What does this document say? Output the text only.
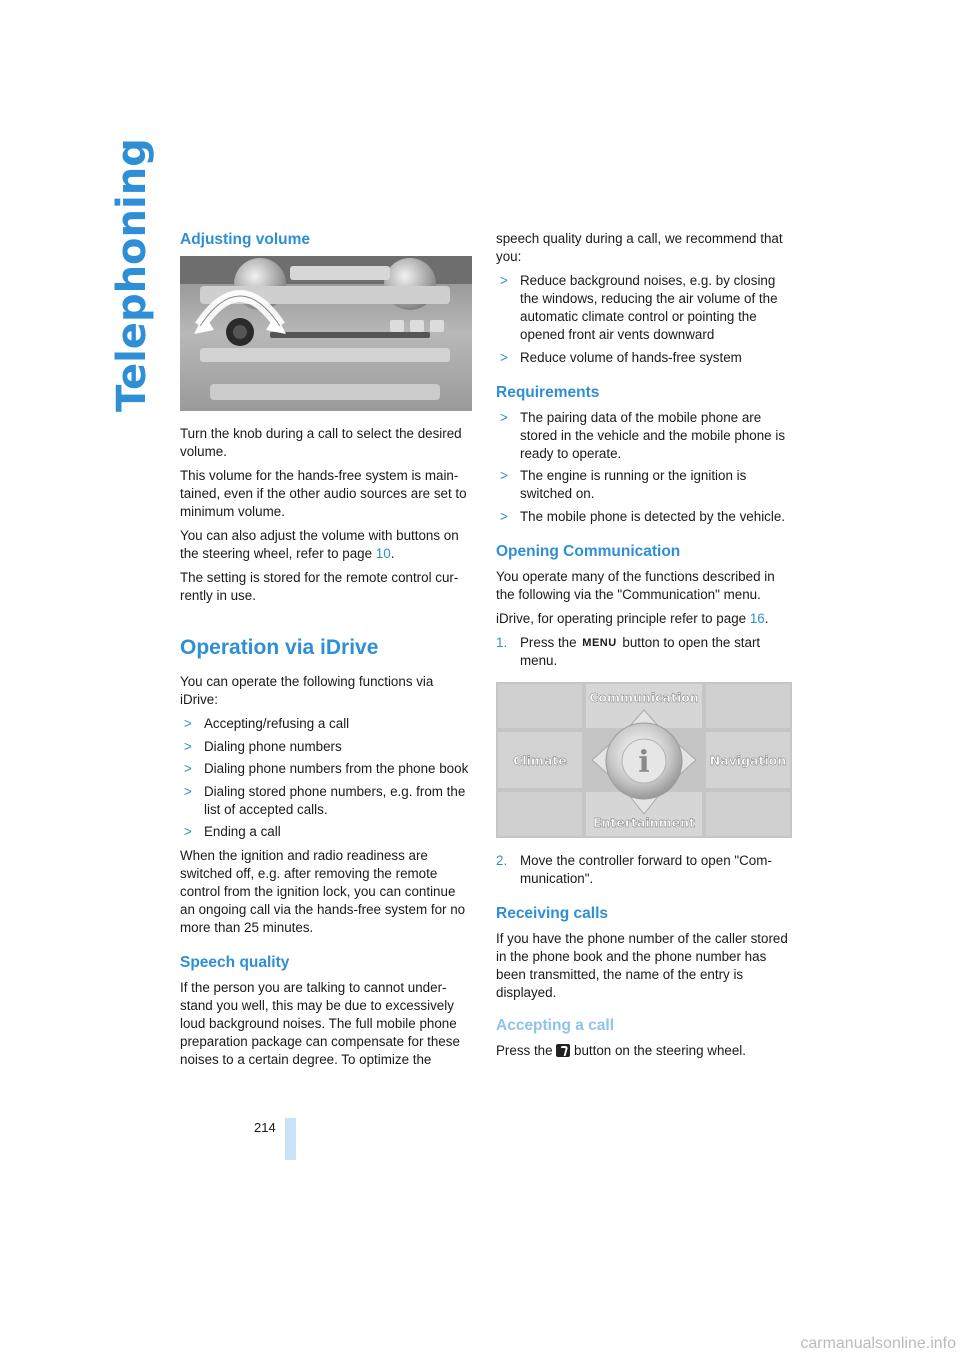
Telephoning Adjusting volume

Turn the knob during a call to select the desired volume.

This volume for the hands-free system is maintained, even if the other audio sources are set to minimum volume.

You can also adjust the volume with buttons on the steering wheel, refer to page 10.

The setting is stored for the remote control currently in use.

Operation via iDrive

You can operate the following functions via iDrive:

> Accepting/refusing a call
> Dialing phone numbers
> Dialing phone numbers from the phone book
> Dialing stored phone numbers, e.g. from the list of accepted calls.
> Ending a call

When the ignition and radio readiness are switched off, e.g. after removing the remote control from the ignition lock, you can continue an ongoing call via the hands-free system for no more than 25 minutes.

Speech quality

If the person you are talking to cannot understand you well, this may be due to excessively loud background noises. The full mobile phone preparation package can compensate for these noises to a certain degree. To optimize the

speech quality during a call, we recommend that you:

> Reduce background noises, e.g. by closing the windows, reducing the air volume of the automatic climate control or pointing the opened front air vents downward
> Reduce volume of hands-free system
Requirements
> The pairing data of the mobile phone are stored in the vehicle and the mobile phone is ready to operate.
> The engine is running or the ignition is switched on.
> The mobile phone is detected by the vehicle.
Opening Communication

You operate many of the functions described in the following via the "Communication" menu.

iDrive, for operating principle refer to page 16.

1. Press the MENU button to open the start menu.
i
Communication
Climate	Navigation
Entertainment
2. Move the controller forward to open "Communication".
Receiving calls

If you have the phone number of the caller stored in the phone book and the phone number has been transmitted, the name of the entry is displayed.

Accepting a call

Press the  button on the steering wheel.

214
carmanualsonline.info
